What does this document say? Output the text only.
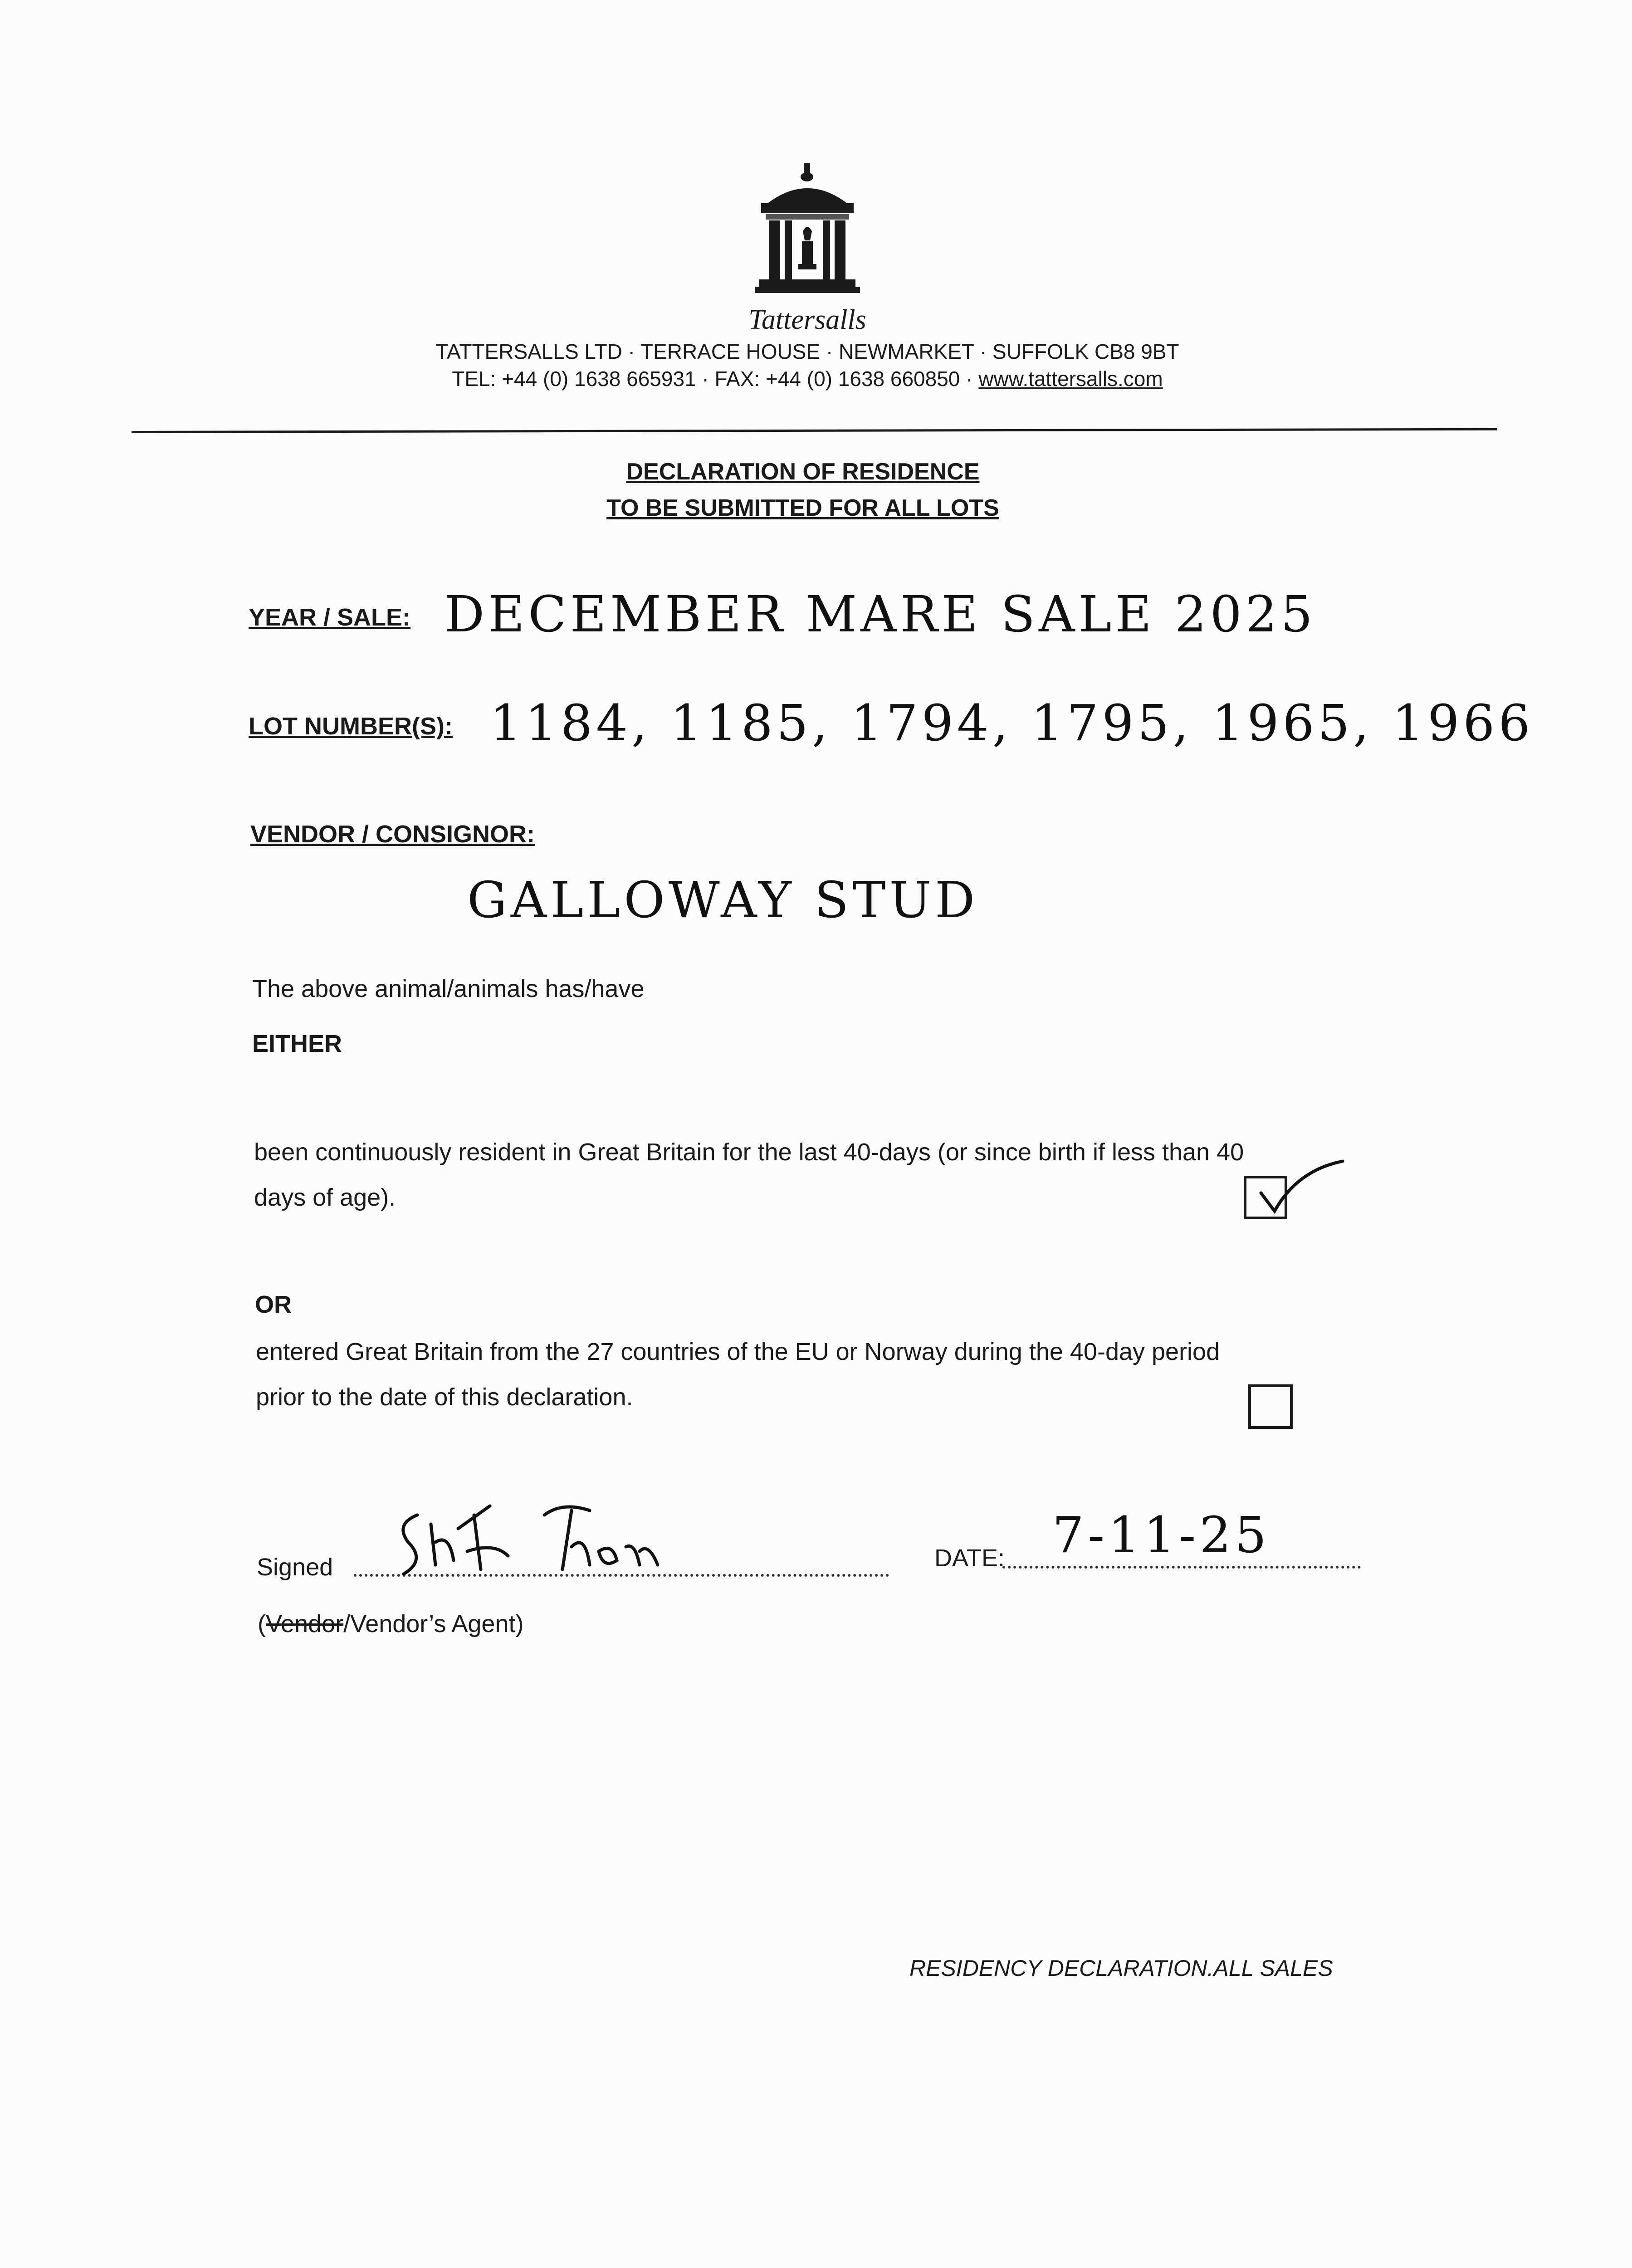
Tattersalls
TATTERSALLS LTD · TERRACE HOUSE · NEWMARKET · SUFFOLK CB8 9BT
TEL: +44 (0) 1638 665931 · FAX: +44 (0) 1638 660850 · www.tattersalls.com
DECLARATION OF RESIDENCE
TO BE SUBMITTED FOR ALL LOTS
YEAR / SALE: DECEMBER MARE SALE 2025
LOT NUMBER(S): 1184, 1185, 1794, 1795, 1965, 1966
VENDOR / CONSIGNOR:
GALLOWAY STUD
The above animal/animals has/have
EITHER
been continuously resident in Great Britain for the last 40-days (or since birth if less than 40
days of age).
OR
entered Great Britain from the 27 countries of the EU or Norway during the 40-day period
prior to the date of this declaration.
Signed	DATE: 7-11-25
(Vendor/Vendor’s Agent)
RESIDENCY DECLARATION.ALL SALES
